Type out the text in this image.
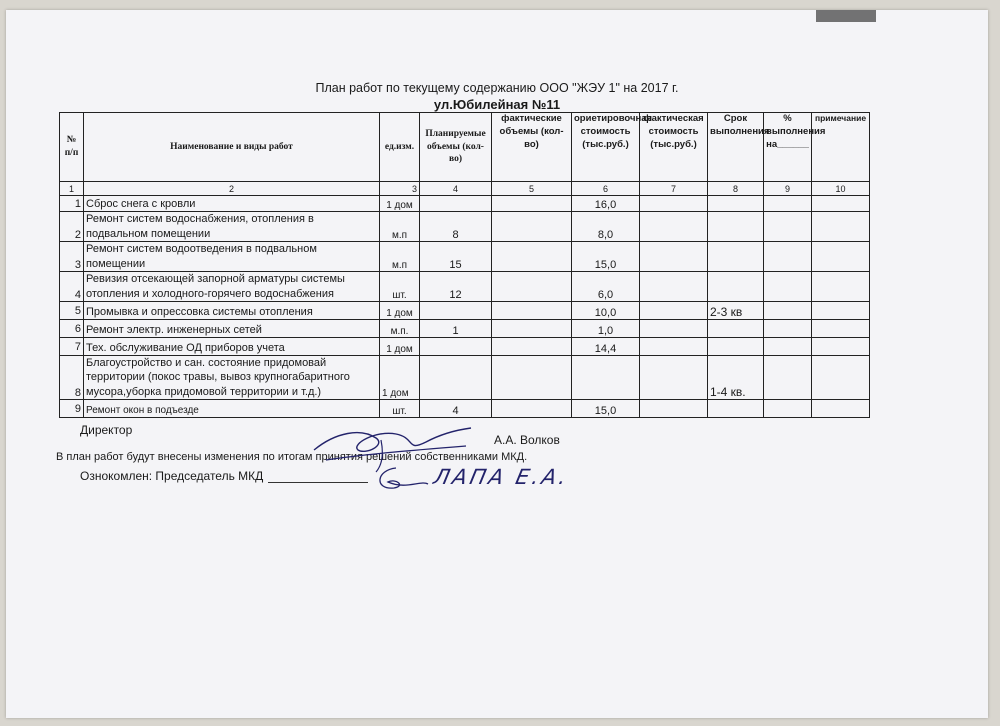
План работ по текущему содержанию ООО "ЖЭУ 1" на 2017 г.
ул.Юбилейная №11
№ п/п	Наименование и виды работ	ед.изм.	Планируемые объемы (кол-во)	фактические объемы (кол-во)	ориетировочная стоимость (тыс.руб.)	фактическая стоимость (тыс.руб.)	Срок выполнения	% выполнения на______	примечание
1	2	3	4	5	6	7	8	9	10
1	Сброс снега с кровли	1 дом			16,0				
2	Ремонт систем водоснабжения, отопления в подвальном помещении	м.п	8		8,0				
3	Ремонт систем водоотведения в подвальном помещении	м.п	15		15,0				
4	Ревизия отсекающей запорной арматуры системы отопления и холодного-горячего водоснабжения	шт.	12		6,0				
5	Промывка и опрессовка системы отопления	1 дом			10,0		2-3 кв		
6	Ремонт электр. инженерных сетей	м.п.	1		1,0				
7	Тех. обслуживание ОД приборов учета	1 дом			14,4				
8	Благоустройство и сан. состояние придомовай территории (покос травы, вывоз крупногабаритного мусора,уборка придомовой территории и т.д.)	1 дом					1-4 кв.		
9	Ремонт окон в подъезде	шт.	4		15,0				
Директор
А.А. Волков
В план работ будут внесены изменения по итогам принятия решений собственниками МКД.
Ознокомлен: Председатель МКД	ЛАПА Е.А.
